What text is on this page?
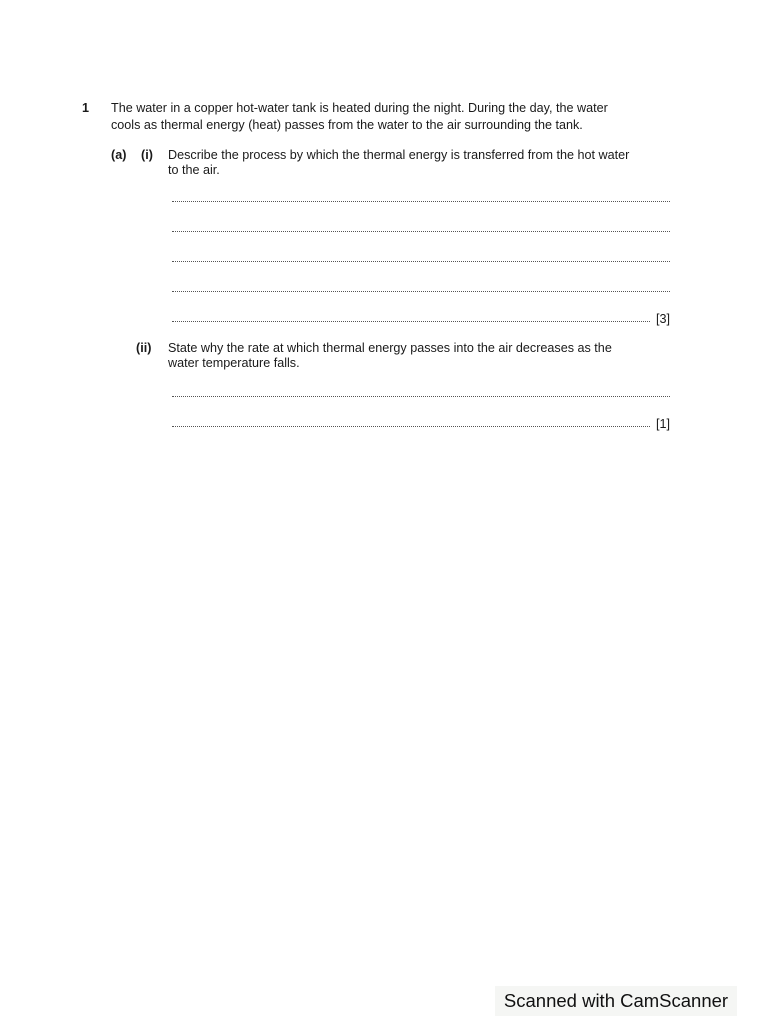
1 The water in a copper hot-water tank is heated during the night. During the day, the water
cools as thermal energy (heat) passes from the water to the air surrounding the tank.
(a) (i) Describe the process by which the thermal energy is transferred from the hot water
to the air.
[3]
(ii) State why the rate at which thermal energy passes into the air decreases as the
water temperature falls.
[1]
Scanned with CamScanner
